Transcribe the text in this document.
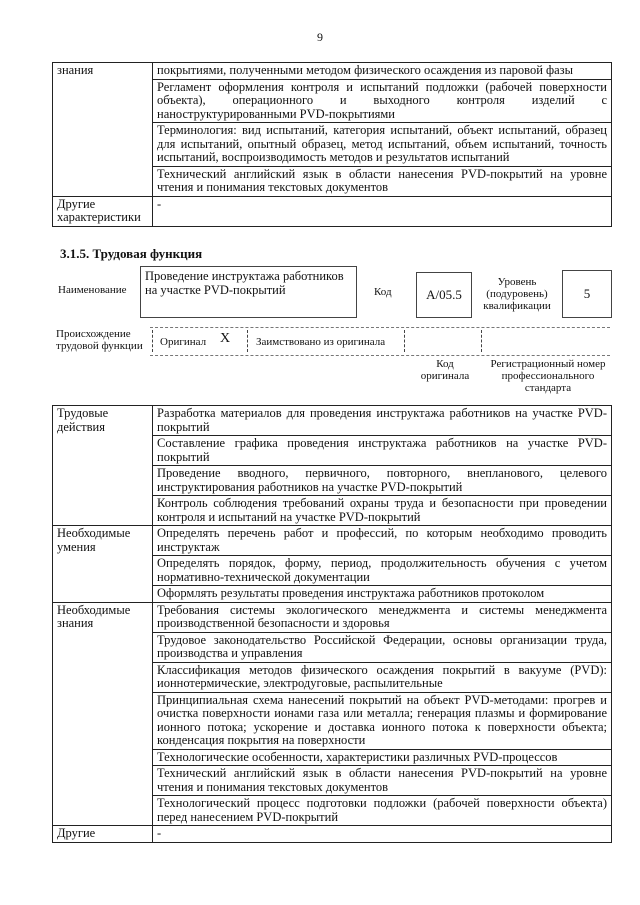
9
знания	покрытиями, полученными методом физического осаждения из паровой фазы
	Регламент оформления контроля и испытаний подложки (рабочей поверхности объекта), операционного и выходного контроля изделий с наноструктурированными PVD-покрытиями
	Терминология: вид испытаний, категория испытаний, объект испытаний, образец для испытаний, опытный образец, метод испытаний, объем испытаний, точность испытаний, воспроизводимость методов и результатов испытаний
	Технический английский язык в области нанесения PVD-покрытий на уровне чтения и понимания текстовых документов
Другие характеристики	-
3.1.5. Трудовая функция
Наименование
Проведение инструктажа работников на участке PVD-покрытий	Код	А/05.5
Уровень (подуровень) квалификации
5
Происхождение трудовой функции	Оригинал X Заимствовано из оригинала
Код оригинала
Регистрационный номер профессионального стандарта
Трудовые действия	Разработка материалов для проведения инструктажа работников на участке PVD-покрытий
	Составление графика проведения инструктажа работников на участке PVD-покрытий
	Проведение вводного, первичного, повторного, внепланового, целевого инструктирования работников на участке PVD-покрытий
	Контроль соблюдения требований охраны труда и безопасности при проведении контроля и испытаний на участке PVD-покрытий
Необходимые умения	Определять перечень работ и профессий, по которым необходимо проводить инструктаж
	Определять порядок, форму, период, продолжительность обучения с учетом нормативно-технической документации
	Оформлять результаты проведения инструктажа работников протоколом
Необходимые знания	Требования системы экологического менеджмента и системы менеджмента производственной безопасности и здоровья
	Трудовое законодательство Российской Федерации, основы организации труда, производства и управления
	Классификация методов физического осаждения покрытий в вакууме (PVD): ионнотермические, электродуговые, распылительные
	Принципиальная схема нанесений покрытий на объект PVD-методами: прогрев и очистка поверхности ионами газа или металла; генерация плазмы и формирование ионного потока; ускорение и доставка ионного потока к поверхности объекта; конденсация покрытия на поверхности
	Технологические особенности, характеристики различных PVD-процессов
	Технический английский язык в области нанесения PVD-покрытий на уровне чтения и понимания текстовых документов
	Технологический процесс подготовки подложки (рабочей поверхности объекта) перед нанесением PVD-покрытий
Другие	-
